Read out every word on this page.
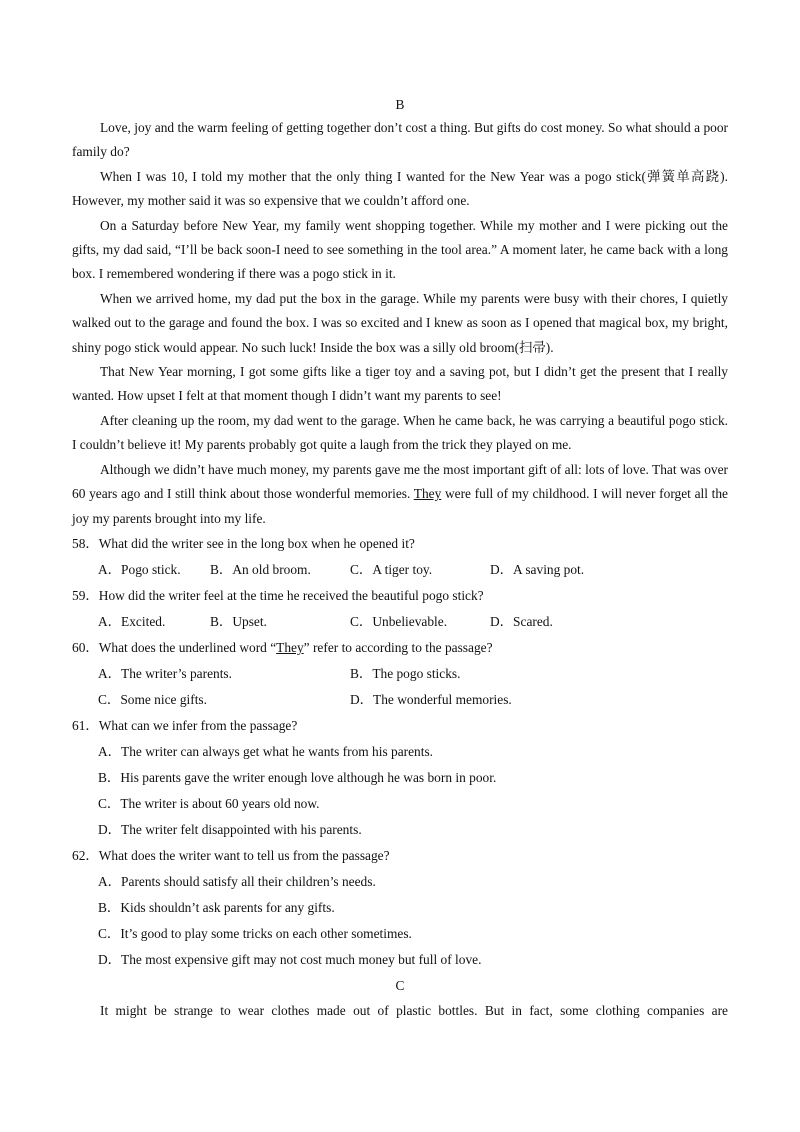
B

Love, joy and the warm feeling of getting together don’t cost a thing. But gifts do cost money. So what should a poor family do?

When I was 10, I told my mother that the only thing I wanted for the New Year was a pogo stick(弹簧单高跷). However, my mother said it was so expensive that we couldn’t afford one.

On a Saturday before New Year, my family went shopping together. While my mother and I were picking out the gifts, my dad said, “I’ll be back soon-I need to see something in the tool area.” A moment later, he came back with a long box. I remembered wondering if there was a pogo stick in it.

When we arrived home, my dad put the box in the garage. While my parents were busy with their chores, I quietly walked out to the garage and found the box. I was so excited and I knew as soon as I opened that magical box, my bright, shiny pogo stick would appear. No such luck! Inside the box was a silly old broom(扫帚).

That New Year morning, I got some gifts like a tiger toy and a saving pot, but I didn’t get the present that I really wanted. How upset I felt at that moment though I didn’t want my parents to see!

After cleaning up the room, my dad went to the garage. When he came back, he was carrying a beautiful pogo stick. I couldn’t believe it! My parents probably got quite a laugh from the trick they played on me.

Although we didn’t have much money, my parents gave me the most important gift of all: lots of love. That was over 60 years ago and I still think about those wonderful memories. They were full of my childhood. I will never forget all the joy my parents brought into my life.

58．What did the writer see in the long box when he opened it?

A．Pogo stick.	B．An old broom.	C．A tiger toy.	D．A saving pot.

59．How did the writer feel at the time he received the beautiful pogo stick?

A．Excited.	B．Upset.	C．Unbelievable.	D．Scared.

60．What does the underlined word “They” refer to according to the passage?

A．The writer’s parents.	B．The pogo sticks.
C．Some nice gifts.	D．The wonderful memories.

61．What can we infer from the passage?

A．The writer can always get what he wants from his parents.

B．His parents gave the writer enough love although he was born in poor.

C．The writer is about 60 years old now.

D．The writer felt disappointed with his parents.

62．What does the writer want to tell us from the passage?

A．Parents should satisfy all their children’s needs.

B．Kids shouldn’t ask parents for any gifts.

C．It’s good to play some tricks on each other sometimes.

D．The most expensive gift may not cost much money but full of love.

C

It might be strange to wear clothes made out of plastic bottles. But in fact, some clothing companies are
